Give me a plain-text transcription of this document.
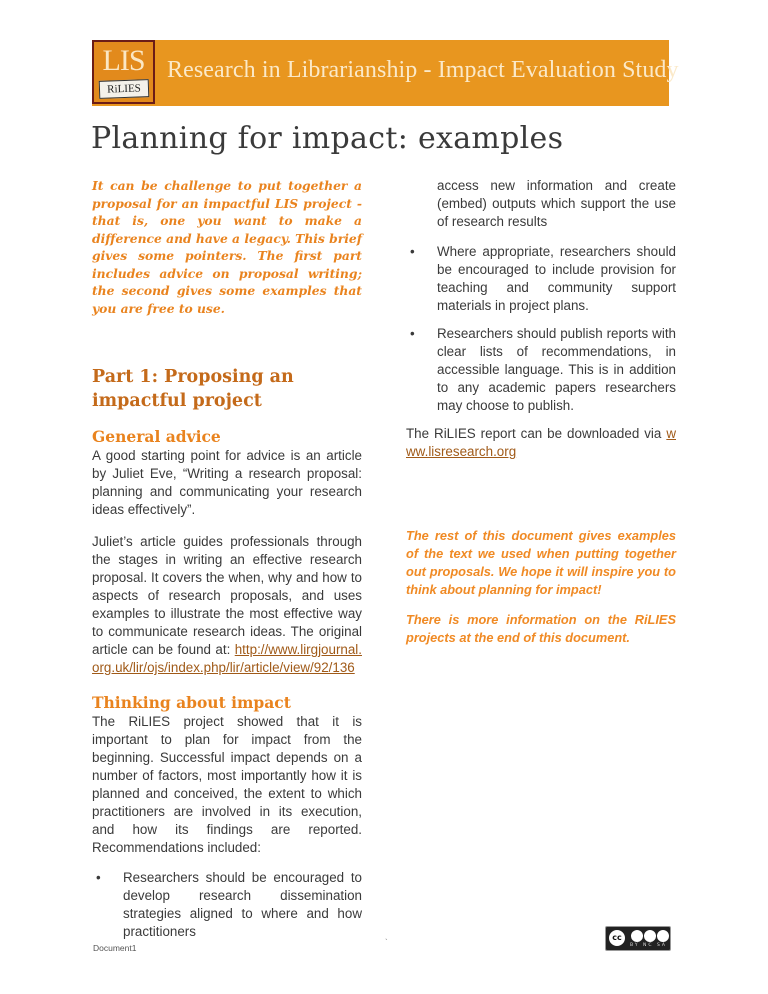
LIS
RiLIES
Research in Librarianship - Impact Evaluation Study
Planning for impact: examples

It can be challenge to put together a proposal for an impactful LIS project - that is, one you want to make a difference and have a legacy. This brief gives some pointers. The first part includes advice on proposal writing; the second gives some examples that you are free to use.

Part 1: Proposing an impactful project
General advice

A good starting point for advice is an article by Juliet Eve, “Writing a research proposal: planning and communicating your research ideas effectively”.

Juliet’s article guides professionals through the stages in writing an effective research proposal. It covers the when, why and how to aspects of research proposals, and uses examples to illustrate the most effective way to communicate research ideas. The original article can be found at: http://www.lirgjournal.org.uk/lir/ojs/index.php/lir/article/view/92/136

Thinking about impact

The RiLIES project showed that it is important to plan for impact from the beginning. Successful impact depends on a number of factors, most importantly how it is planned and conceived, the extent to which practitioners are involved in its execution, and how its findings are reported. Recommendations included:

• Researchers should be encouraged to develop research dissemination strategies aligned to where and how practitioners
access new information and create (embed) outputs which support the use of research results
• Where appropriate, researchers should be encouraged to include provision for teaching and community support materials in project plans.
• Researchers should publish reports with clear lists of recommendations, in accessible language. This is in addition to any academic papers researchers may choose to publish.

The RiLIES report can be downloaded via www.lisresearch.org

The rest of this document gives examples of the text we used when putting together out proposals. We hope it will inspire you to think about planning for impact!

There is more information on the RiLIES projects at the end of this document.

Document1
`
cc
BY NC SA
